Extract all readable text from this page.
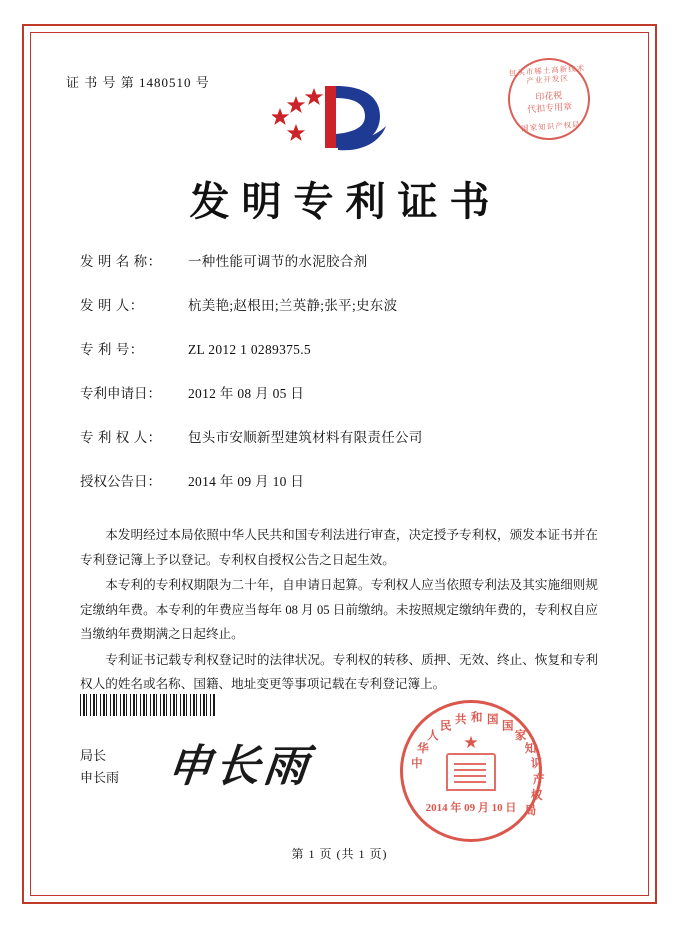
证 书 号 第 1480510 号
包头市稀土高新技术产业开发区
印花税
代扣专用章
国家知识产权局
发明专利证书
发 明 名 称：	一种性能可调节的水泥胶合剂
发 明 人：	杭美艳;赵根田;兰英静;张平;史东波
专 利 号：	ZL 2012 1 0289375.5
专利申请日：	2012 年 08 月 05 日
专 利 权 人：	包头市安顺新型建筑材料有限责任公司
授权公告日：	2014 年 09 月 10 日

本发明经过本局依照中华人民共和国专利法进行审查，决定授予专利权，颁发本证书并在专利登记簿上予以登记。专利权自授权公告之日起生效。

本专利的专利权期限为二十年，自申请日起算。专利权人应当依照专利法及其实施细则规定缴纳年费。本专利的年费应当每年 08 月 05 日前缴纳。未按照规定缴纳年费的，专利权自应当缴纳年费期满之日起终止。

专利证书记载专利权登记时的法律状况。专利权的转移、质押、无效、终止、恢复和专利权人的姓名或名称、国籍、地址变更等事项记载在专利登记簿上。

局长
申长雨 申长雨	中
华
人
民
共 和 国
国
家
知
识
产
权
局
★
2014 年 09 月 10 日
第 1 页 (共 1 页)
